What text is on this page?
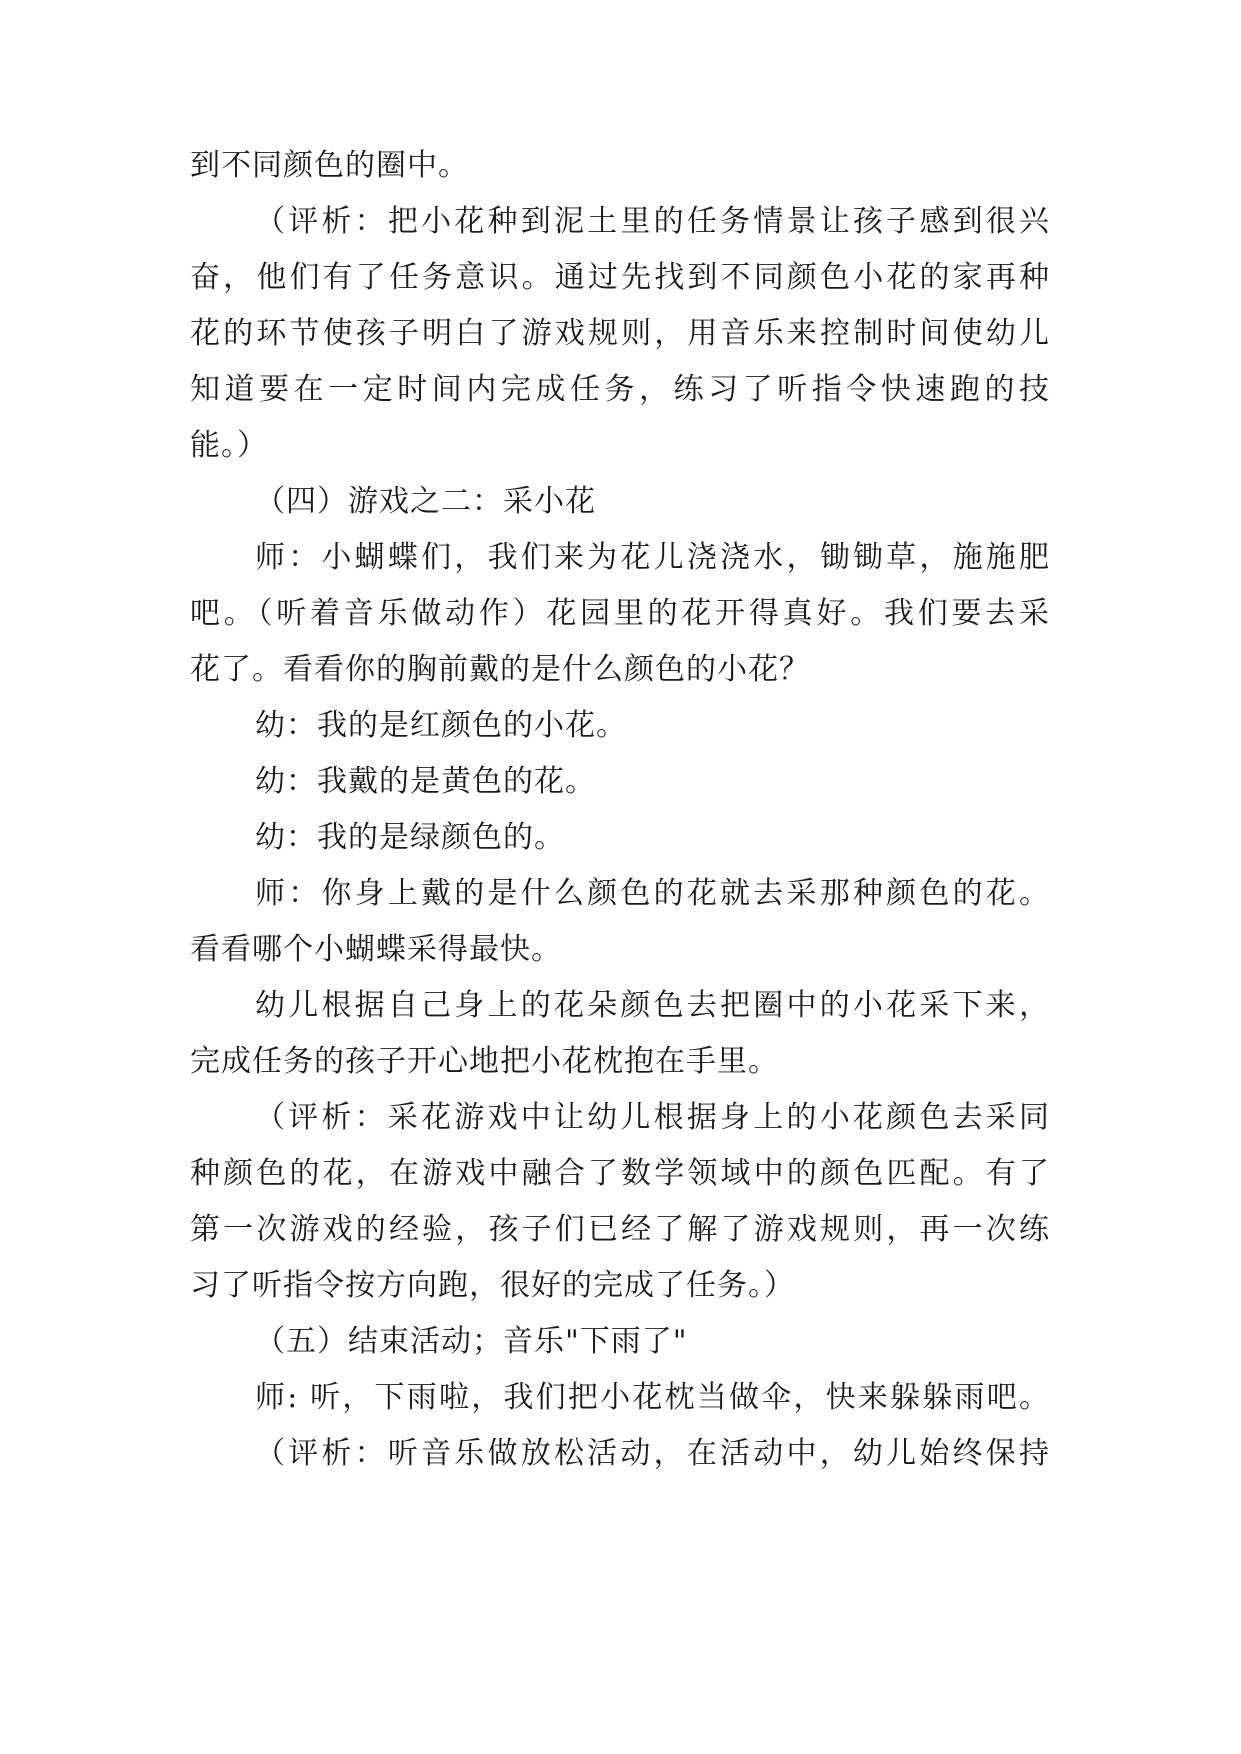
到不同颜色的圈中。
（评析：把小花种到泥土里的任务情景让孩子感到很兴
奋，他们有了任务意识。通过先找到不同颜色小花的家再种
花的环节使孩子明白了游戏规则，用音乐来控制时间使幼儿
知道要在一定时间内完成任务，练习了听指令快速跑的技
能。）
（四）游戏之二：采小花
师：小蝴蝶们，我们来为花儿浇浇水，锄锄草，施施肥
吧。（听着音乐做动作）花园里的花开得真好。我们要去采
花了。看看你的胸前戴的是什么颜色的小花？
幼：我的是红颜色的小花。
幼：我戴的是黄色的花。
幼：我的是绿颜色的。
师：你身上戴的是什么颜色的花就去采那种颜色的花。
看看哪个小蝴蝶采得最快。
幼儿根据自己身上的花朵颜色去把圈中的小花采下来，
完成任务的孩子开心地把小花枕抱在手里。
（评析：采花游戏中让幼儿根据身上的小花颜色去采同
种颜色的花，在游戏中融合了数学领域中的颜色匹配。有了
第一次游戏的经验，孩子们已经了解了游戏规则，再一次练
习了听指令按方向跑，很好的完成了任务。）
（五）结束活动；音乐"下雨了"
师: 听，下雨啦，我们把小花枕当做伞，快来躲躲雨吧。
（评析：听音乐做放松活动，在活动中，幼儿始终保持
